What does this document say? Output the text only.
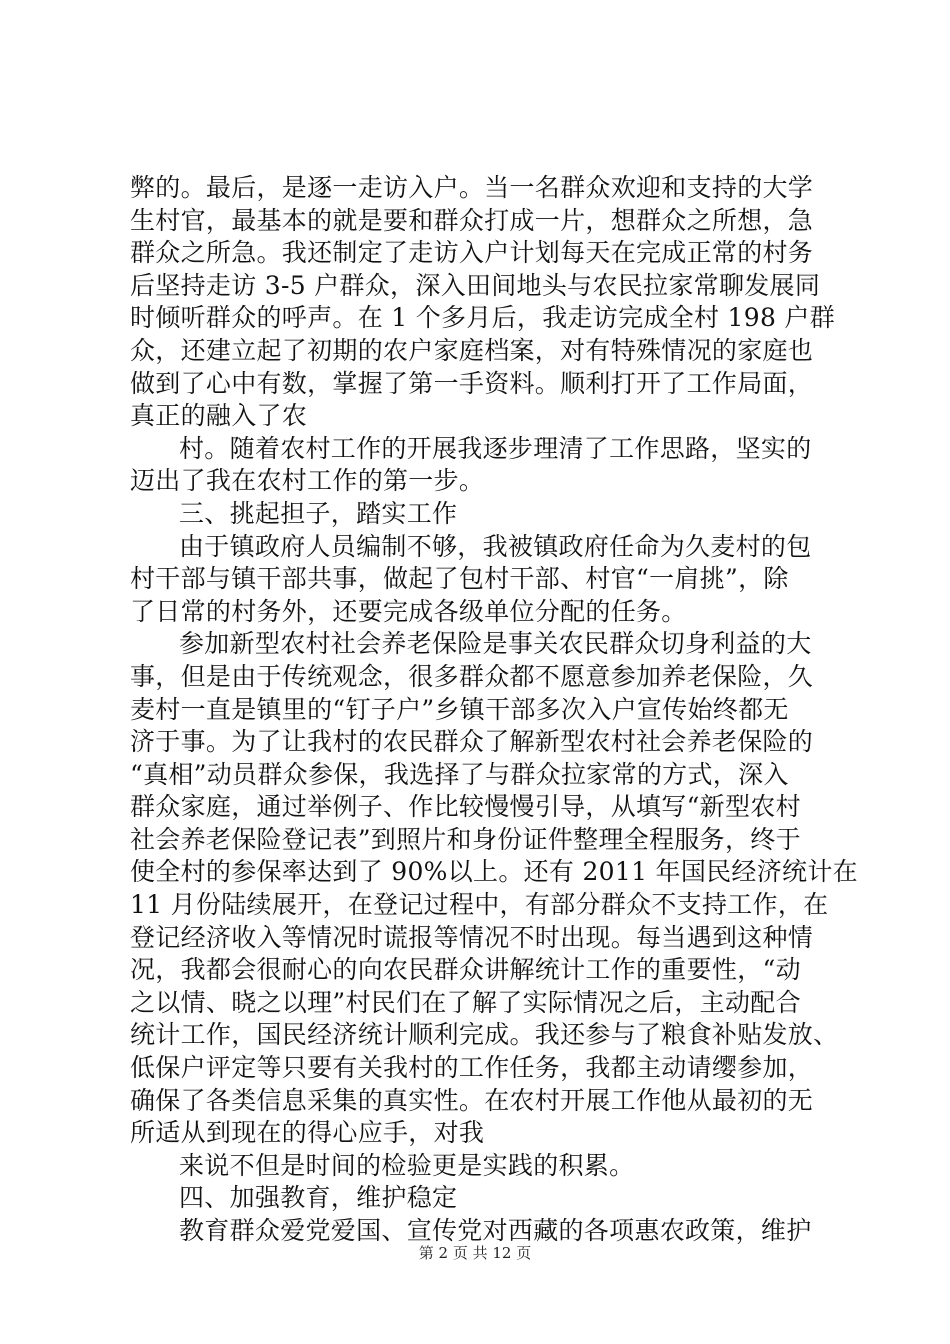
弊的。最后，是逐一走访入户。当一名群众欢迎和支持的大学
生村官，最基本的就是要和群众打成一片，想群众之所想，急
群众之所急。我还制定了走访入户计划每天在完成正常的村务
后坚持走访 3-5 户群众，深入田间地头与农民拉家常聊发展同
时倾听群众的呼声。在 1 个多月后，我走访完成全村 198 户群
众，还建立起了初期的农户家庭档案，对有特殊情况的家庭也
做到了心中有数，掌握了第一手资料。顺利打开了工作局面，
真正的融入了农
村。随着农村工作的开展我逐步理清了工作思路，坚实的
迈出了我在农村工作的第一步。
三、挑起担子，踏实工作
由于镇政府人员编制不够，我被镇政府任命为久麦村的包
村干部与镇干部共事，做起了包村干部、村官“一肩挑”，除
了日常的村务外，还要完成各级单位分配的任务。
参加新型农村社会养老保险是事关农民群众切身利益的大
事，但是由于传统观念，很多群众都不愿意参加养老保险，久
麦村一直是镇里的“钉子户”乡镇干部多次入户宣传始终都无
济于事。为了让我村的农民群众了解新型农村社会养老保险的
“真相”动员群众参保，我选择了与群众拉家常的方式，深入
群众家庭，通过举例子、作比较慢慢引导，从填写“新型农村
社会养老保险登记表”到照片和身份证件整理全程服务，终于
使全村的参保率达到了 90%以上。还有 2011 年国民经济统计在
11 月份陆续展开，在登记过程中，有部分群众不支持工作，在
登记经济收入等情况时谎报等情况不时出现。每当遇到这种情
况，我都会很耐心的向农民群众讲解统计工作的重要性，“动
之以情、晓之以理”村民们在了解了实际情况之后，主动配合
统计工作，国民经济统计顺利完成。我还参与了粮食补贴发放、
低保户评定等只要有关我村的工作任务，我都主动请缨参加，
确保了各类信息采集的真实性。在农村开展工作他从最初的无
所适从到现在的得心应手，对我
来说不但是时间的检验更是实践的积累。
四、加强教育，维护稳定
教育群众爱党爱国、宣传党对西藏的各项惠农政策，维护
第 2 页 共 12 页
